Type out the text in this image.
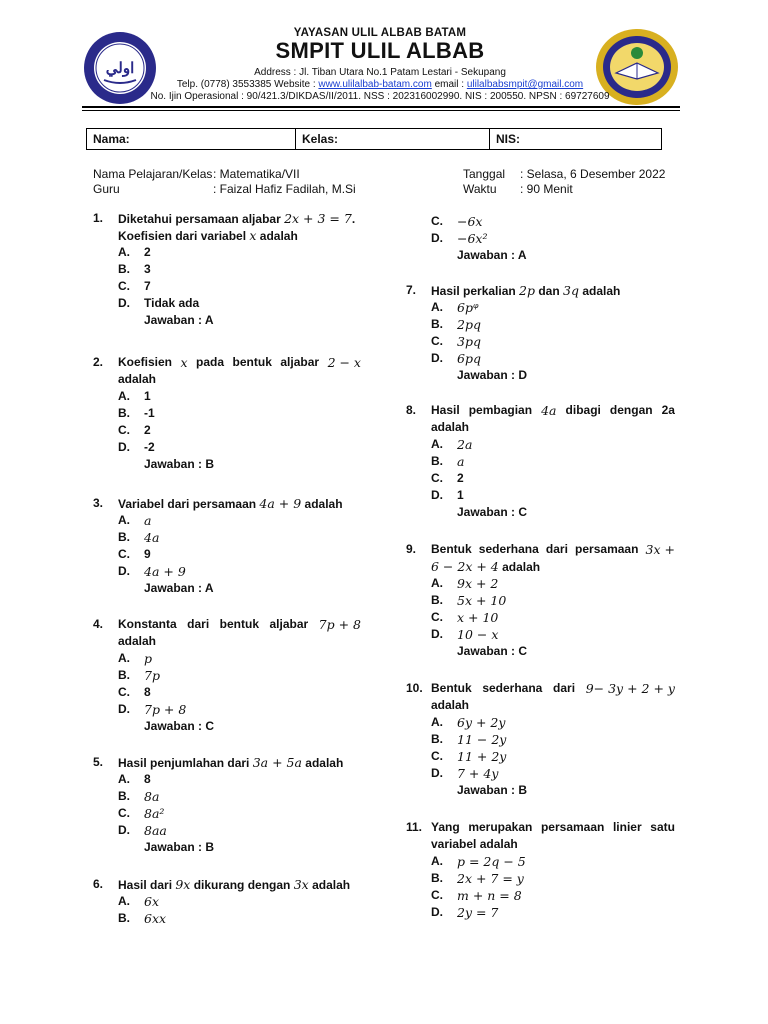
ﺍﻭﻟﻲ
YAYASAN ULIL ALBAB BATAM
SMPIT ULIL ALBAB
Address : Jl. Tiban Utara No.1 Patam Lestari - Sekupang
Telp. (0778) 3553385 Website : www.ulilalbab-batam.com email : ulilalbabsmpit@gmail.com
No. Ijin Operasional : 90/421.3/DIKDAS/II/2011. NSS : 202316002990. NIS : 200550. NPSN : 69727609
Nama:	Kelas:	NIS:
Nama Pelajaran/Kelas : Matematika/VII
Guru	: Faizal Hafiz Fadilah, M.Si
Tanggal : Selasa, 6 Desember 2022
Waktu : 90 Menit
1. Diketahui persamaan aljabar 2x + 3 = 7.
Koefisien dari variabel x adalah
A. 2
B. 3
C. 7
D. Tidak ada
Jawaban : A
2. Koefisien x pada bentuk aljabar 2 − x
adalah
A. 1
B. -1
C. 2
D. -2
Jawaban : B
3. Variabel dari persamaan 4a + 9 adalah
A. a
B. 4a
C. 9
D. 4a + 9
Jawaban : A
4. Konstanta dari bentuk aljabar 7p + 8
adalah
A. p
B. 7p
C. 8
D. 7p + 8
Jawaban : C
5. Hasil penjumlahan dari 3a + 5a adalah
A. 8
B. 8a
C. 8a²
D. 8aa
Jawaban : B
6. Hasil dari 9x dikurang dengan 3x adalah
A. 6x
B. 6xx
C. −6x
D. −6x²
Jawaban : A
7. Hasil perkalian 2p dan 3q adalah
A. 6pᵠ
B. 2pq
C. 3pq
D. 6pq
Jawaban : D
8. Hasil pembagian 4a dibagi dengan 2a
adalah
A. 2a
B. a
C. 2
D. 1
Jawaban : C
9. Bentuk sederhana dari persamaan 3x +
6 − 2x + 4 adalah
A. 9x + 2
B. 5x + 10
C. x + 10
D. 10 − x
Jawaban : C
10. Bentuk sederhana dari 9− 3y + 2 + y
adalah
A. 6y + 2y
B. 11 − 2y
C. 11 + 2y
D. 7 + 4y
Jawaban : B
11. Yang merupakan persamaan linier satu
variabel adalah
A. p = 2q − 5
B. 2x + 7 = y
C. m + n = 8
D. 2y = 7
